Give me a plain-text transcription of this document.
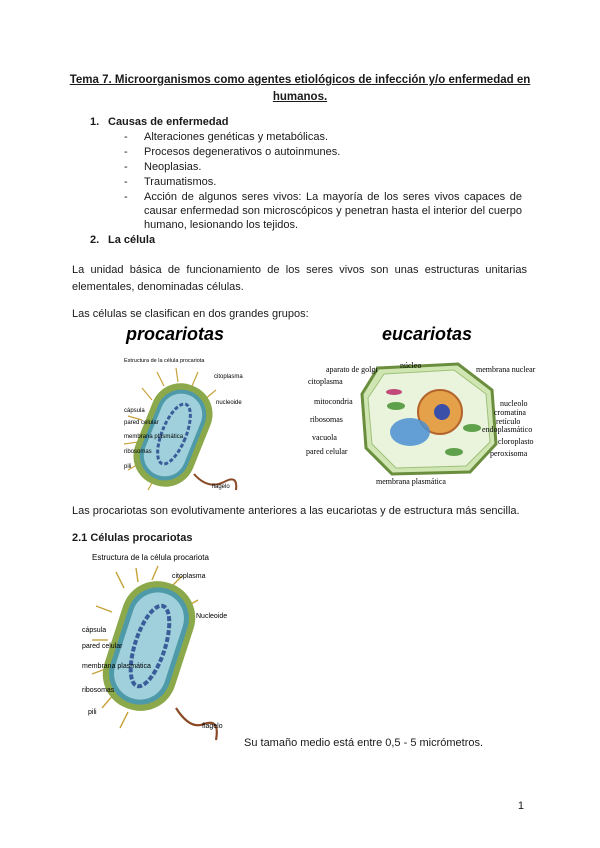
Tema 7. Microorganismos como agentes etiológicos de infección y/o enfermedad en humanos.
1. Causas de enfermedad
- Alteraciones genéticas y metabólicas.
- Procesos degenerativos o autoinmunes.
- Neoplasias.
- Traumatismos.
- Acción de algunos seres vivos: La mayoría de los seres vivos capaces de causar enfermedad son microscópicos y penetran hasta el interior del cuerpo humano, lesionando los tejidos.
2. La célula
La unidad básica de funcionamiento de los seres vivos son unas estructuras unitarias elementales, denominadas células.
Las células se clasifican en dos grandes grupos:
procariotas
Estructura de la célula procariota
citoplasma
nucleoide
cápsula
pared celular
membrana plasmática
ribosomas
pili
flagelo
eucariotas
aparato de golgi
citoplasma
mitocondria
ribosomas
vacuola
pared celular
núcleo	membrana nuclear
nucleolo
cromatina
retículo
endoplasmático
cloroplasto
peroxisoma
membrana plasmática
Las procariotas son evolutivamente anteriores a las eucariotas y de estructura más sencilla.
2.1 Células procariotas
Estructura de la célula procariota
citoplasma
Nucleoide
cápsula
pared celular
membrana plasmática
ribosomas
pili
flagelo
Su tamaño medio está entre 0,5 - 5 micrómetros.
1
